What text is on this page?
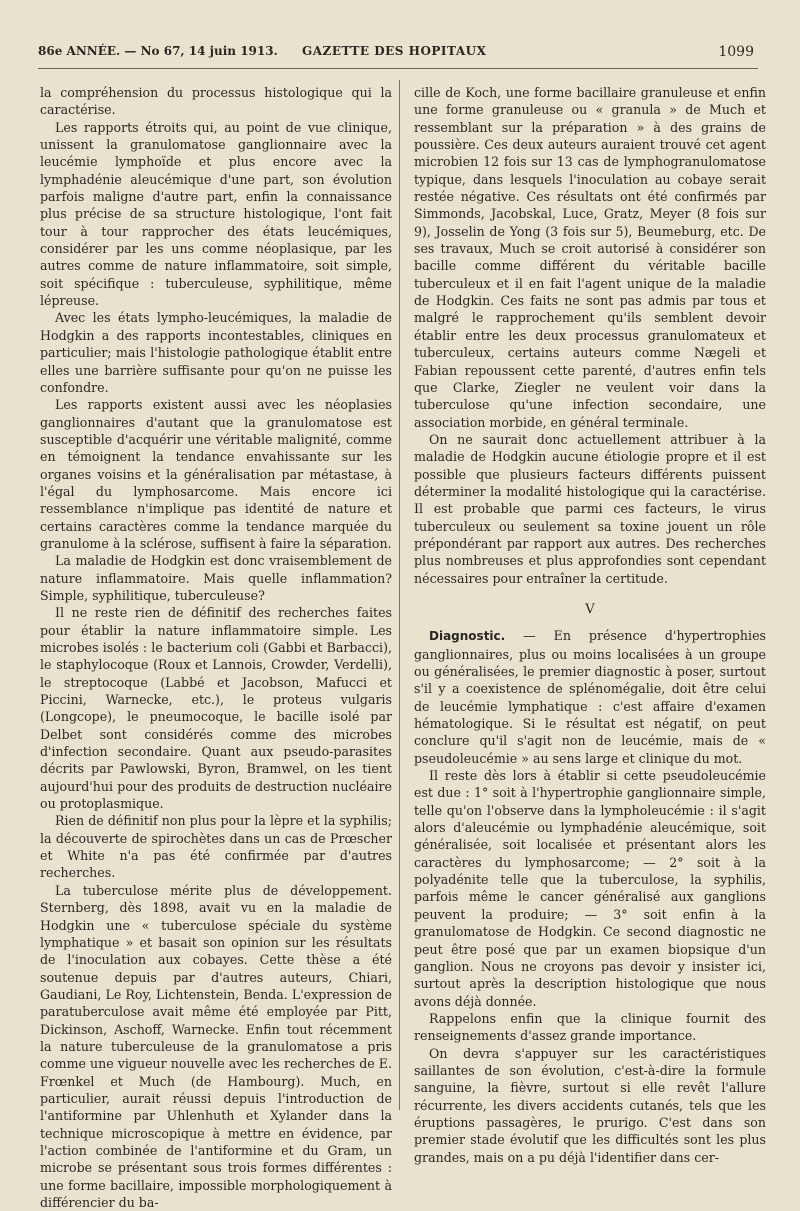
86e ANNÉE. — No 67, 14 juin 1913. GAZETTE DES HOPITAUX	1099

la compréhension du processus histologique qui la caractérise.

Les rapports étroits qui, au point de vue clinique, unissent la granulomatose ganglionnaire avec la leucémie lymphoïde et plus encore avec la lymphadénie aleucémique d'une part, son évolution parfois maligne d'autre part, enfin la connaissance plus précise de sa structure histologique, l'ont fait tour à tour rapprocher des états leucémiques, considérer par les uns comme néoplasique, par les autres comme de nature inflammatoire, soit simple, soit spécifique : tuberculeuse, syphilitique, même lépreuse.

Avec les états lympho-leucémiques, la maladie de Hodgkin a des rapports incontestables, cliniques en particulier; mais l'histologie pathologique établit entre elles une barrière suffisante pour qu'on ne puisse les confondre.

Les rapports existent aussi avec les néoplasies ganglionnaires d'autant que la granulomatose est susceptible d'acquérir une véritable malignité, comme en témoignent la tendance envahissante sur les organes voisins et la généralisation par métastase, à l'égal du lymphosarcome. Mais encore ici ressemblance n'implique pas identité de nature et certains caractères comme la tendance marquée du granulome à la sclérose, suffisent à faire la séparation.

La maladie de Hodgkin est donc vraisemblement de nature inflammatoire. Mais quelle inflammation? Simple, syphilitique, tuberculeuse?

Il ne reste rien de définitif des recherches faites pour établir la nature inflammatoire simple. Les microbes isolés : le bacterium coli (Gabbi et Barbacci), le staphylocoque (Roux et Lannois, Crowder, Verdelli), le streptocoque (Labbé et Jacobson, Mafucci et Piccini, Warnecke, etc.), le proteus vulgaris (Longcope), le pneumocoque, le bacille isolé par Delbet sont considérés comme des microbes d'infection secondaire. Quant aux pseudo-parasites décrits par Pawlowski, Byron, Bramwel, on les tient aujourd'hui pour des produits de destruction nucléaire ou protoplasmique.

Rien de définitif non plus pour la lèpre et la syphilis; la découverte de spirochètes dans un cas de Prœscher et White n'a pas été confirmée par d'autres recherches.

La tuberculose mérite plus de développement. Sternberg, dès 1898, avait vu en la maladie de Hodgkin une « tuberculose spéciale du système lymphatique » et basait son opinion sur les résultats de l'inoculation aux cobayes. Cette thèse a été soutenue depuis par d'autres auteurs, Chiari, Gaudiani, Le Roy, Lichtenstein, Benda. L'expression de paratuberculose avait même été employée par Pitt, Dickinson, Aschoff, Warnecke. Enfin tout récemment la nature tuberculeuse de la granulomatose a pris comme une vigueur nouvelle avec les recherches de E. Frœnkel et Much (de Hambourg). Much, en particulier, aurait réussi depuis l'introduction de l'antiformine par Uhlenhuth et Xylander dans la technique microscopique à mettre en évidence, par l'action combinée de l'antiformine et du Gram, un microbe se présentant sous trois formes différentes : une forme bacillaire, impossible morphologiquement à différencier du ba-

cille de Koch, une forme bacillaire granuleuse et enfin une forme granuleuse ou « granula » de Much et ressemblant sur la préparation » à des grains de poussière. Ces deux auteurs auraient trouvé cet agent microbien 12 fois sur 13 cas de lymphogranulomatose typique, dans lesquels l'inoculation au cobaye serait restée négative. Ces résultats ont été confirmés par Simmonds, Jacobskal, Luce, Gratz, Meyer (8 fois sur 9), Josselin de Yong (3 fois sur 5), Beumeburg, etc. De ses travaux, Much se croit autorisé à considérer son bacille comme différent du véritable bacille tuberculeux et il en fait l'agent unique de la maladie de Hodgkin. Ces faits ne sont pas admis par tous et malgré le rapprochement qu'ils semblent devoir établir entre les deux processus granulomateux et tuberculeux, certains auteurs comme Nægeli et Fabian repoussent cette parenté, d'autres enfin tels que Clarke, Ziegler ne veulent voir dans la tuberculose qu'une infection secondaire, une association morbide, en général terminale.

On ne saurait donc actuellement attribuer à la maladie de Hodgkin aucune étiologie propre et il est possible que plusieurs facteurs différents puissent déterminer la modalité histologique qui la caractérise. Il est probable que parmi ces facteurs, le virus tuberculeux ou seulement sa toxine jouent un rôle prépondérant par rapport aux autres. Des recherches plus nombreuses et plus approfondies sont cependant nécessaires pour entraîner la certitude.

V

Diagnostic. — En présence d'hypertrophies ganglionnaires, plus ou moins localisées à un groupe ou généralisées, le premier diagnostic à poser, surtout s'il y a coexistence de splénomégalie, doit être celui de leucémie lymphatique : c'est affaire d'examen hématologique. Si le résultat est négatif, on peut conclure qu'il s'agit non de leucémie, mais de « pseudoleucémie » au sens large et clinique du mot.

Il reste dès lors à établir si cette pseudoleucémie est due : 1° soit à l'hypertrophie ganglionnaire simple, telle qu'on l'observe dans la lympholeucémie : il s'agit alors d'aleucémie ou lymphadénie aleucémique, soit généralisée, soit localisée et présentant alors les caractères du lymphosarcome; — 2° soit à la polyadénite telle que la tuberculose, la syphilis, parfois même le cancer généralisé aux ganglions peuvent la produire; — 3° soit enfin à la granulomatose de Hodgkin. Ce second diagnostic ne peut être posé que par un examen biopsique d'un ganglion. Nous ne croyons pas devoir y insister ici, surtout après la description histologique que nous avons déjà donnée.

Rappelons enfin que la clinique fournit des renseignements d'assez grande importance.

On devra s'appuyer sur les caractéristiques saillantes de son évolution, c'est-à-dire la formule sanguine, la fièvre, surtout si elle revêt l'allure récurrente, les divers accidents cutanés, tels que les éruptions passagères, le prurigo. C'est dans son premier stade évolutif que les difficultés sont les plus grandes, mais on a pu déjà l'identifier dans cer-
